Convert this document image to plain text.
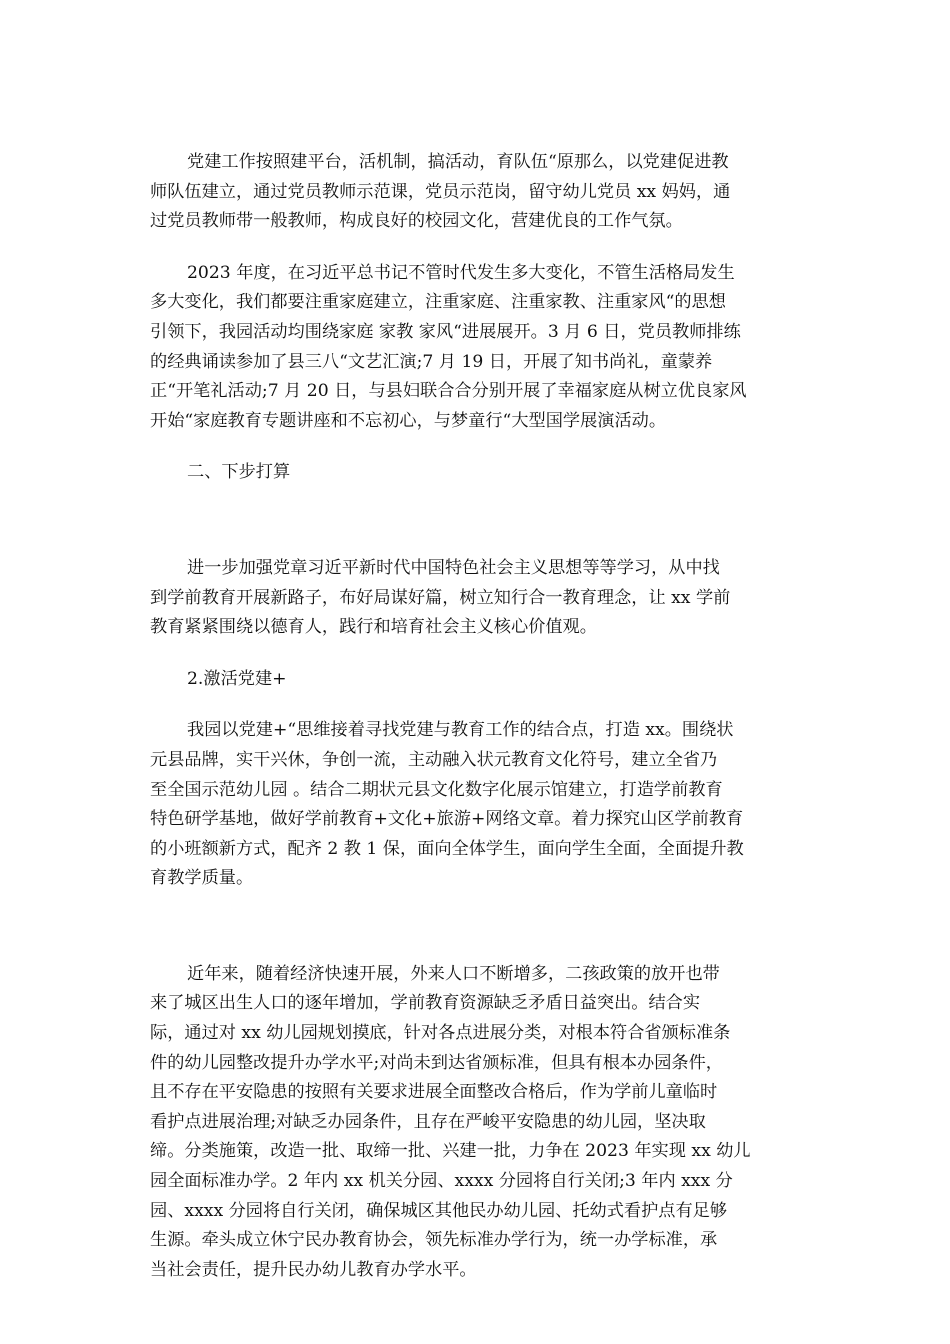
党建工作按照建平台，活机制，搞活动，育队伍“原那么，以党建促进教
师队伍建立，通过党员教师示范课，党员示范岗，留守幼儿党员 xx 妈妈，通
过党员教师带一般教师，构成良好的校园文化，营建优良的工作气氛。

2023 年度，在习近平总书记不管时代发生多大变化，不管生活格局发生
多大变化，我们都要注重家庭建立，注重家庭、注重家教、注重家风“的思想
引领下，我园活动均围绕家庭 家教 家风“进展展开。3 月 6 日，党员教师排练
的经典诵读参加了县三八“文艺汇演;7 月 19 日，开展了知书尚礼，童蒙养
正“开笔礼活动;7 月 20 日，与县妇联合合分别开展了幸福家庭从树立优良家风
开始“家庭教育专题讲座和不忘初心，与梦童行“大型国学展演活动。

二、下步打算

进一步加强党章习近平新时代中国特色社会主义思想等等学习，从中找
到学前教育开展新路子，布好局谋好篇，树立知行合一教育理念，让 xx 学前
教育紧紧围绕以德育人，践行和培育社会主义核心价值观。

2.激活党建+

我园以党建+“思维接着寻找党建与教育工作的结合点，打造 xx。围绕状
元县品牌，实干兴休，争创一流，主动融入状元教育文化符号，建立全省乃
至全国示范幼儿园 。结合二期状元县文化数字化展示馆建立，打造学前教育
特色研学基地，做好学前教育+文化+旅游+网络文章。着力探究山区学前教育
的小班额新方式，配齐 2 教 1 保，面向全体学生，面向学生全面，全面提升教
育教学质量。

近年来，随着经济快速开展，外来人口不断增多，二孩政策的放开也带
来了城区出生人口的逐年增加，学前教育资源缺乏矛盾日益突出。结合实
际，通过对 xx 幼儿园规划摸底，针对各点进展分类，对根本符合省颁标准条
件的幼儿园整改提升办学水平;对尚未到达省颁标准，但具有根本办园条件，
且不存在平安隐患的按照有关要求进展全面整改合格后，作为学前儿童临时
看护点进展治理;对缺乏办园条件，且存在严峻平安隐患的幼儿园，坚决取
缔。分类施策，改造一批、取缔一批、兴建一批，力争在 2023 年实现 xx 幼儿
园全面标准办学。2 年内 xx 机关分园、xxxx 分园将自行关闭;3 年内 xxx 分
园、xxxx 分园将自行关闭，确保城区其他民办幼儿园、托幼式看护点有足够
生源。牵头成立休宁民办教育协会，领先标准办学行为，统一办学标准，承
当社会责任，提升民办幼儿教育办学水平。
